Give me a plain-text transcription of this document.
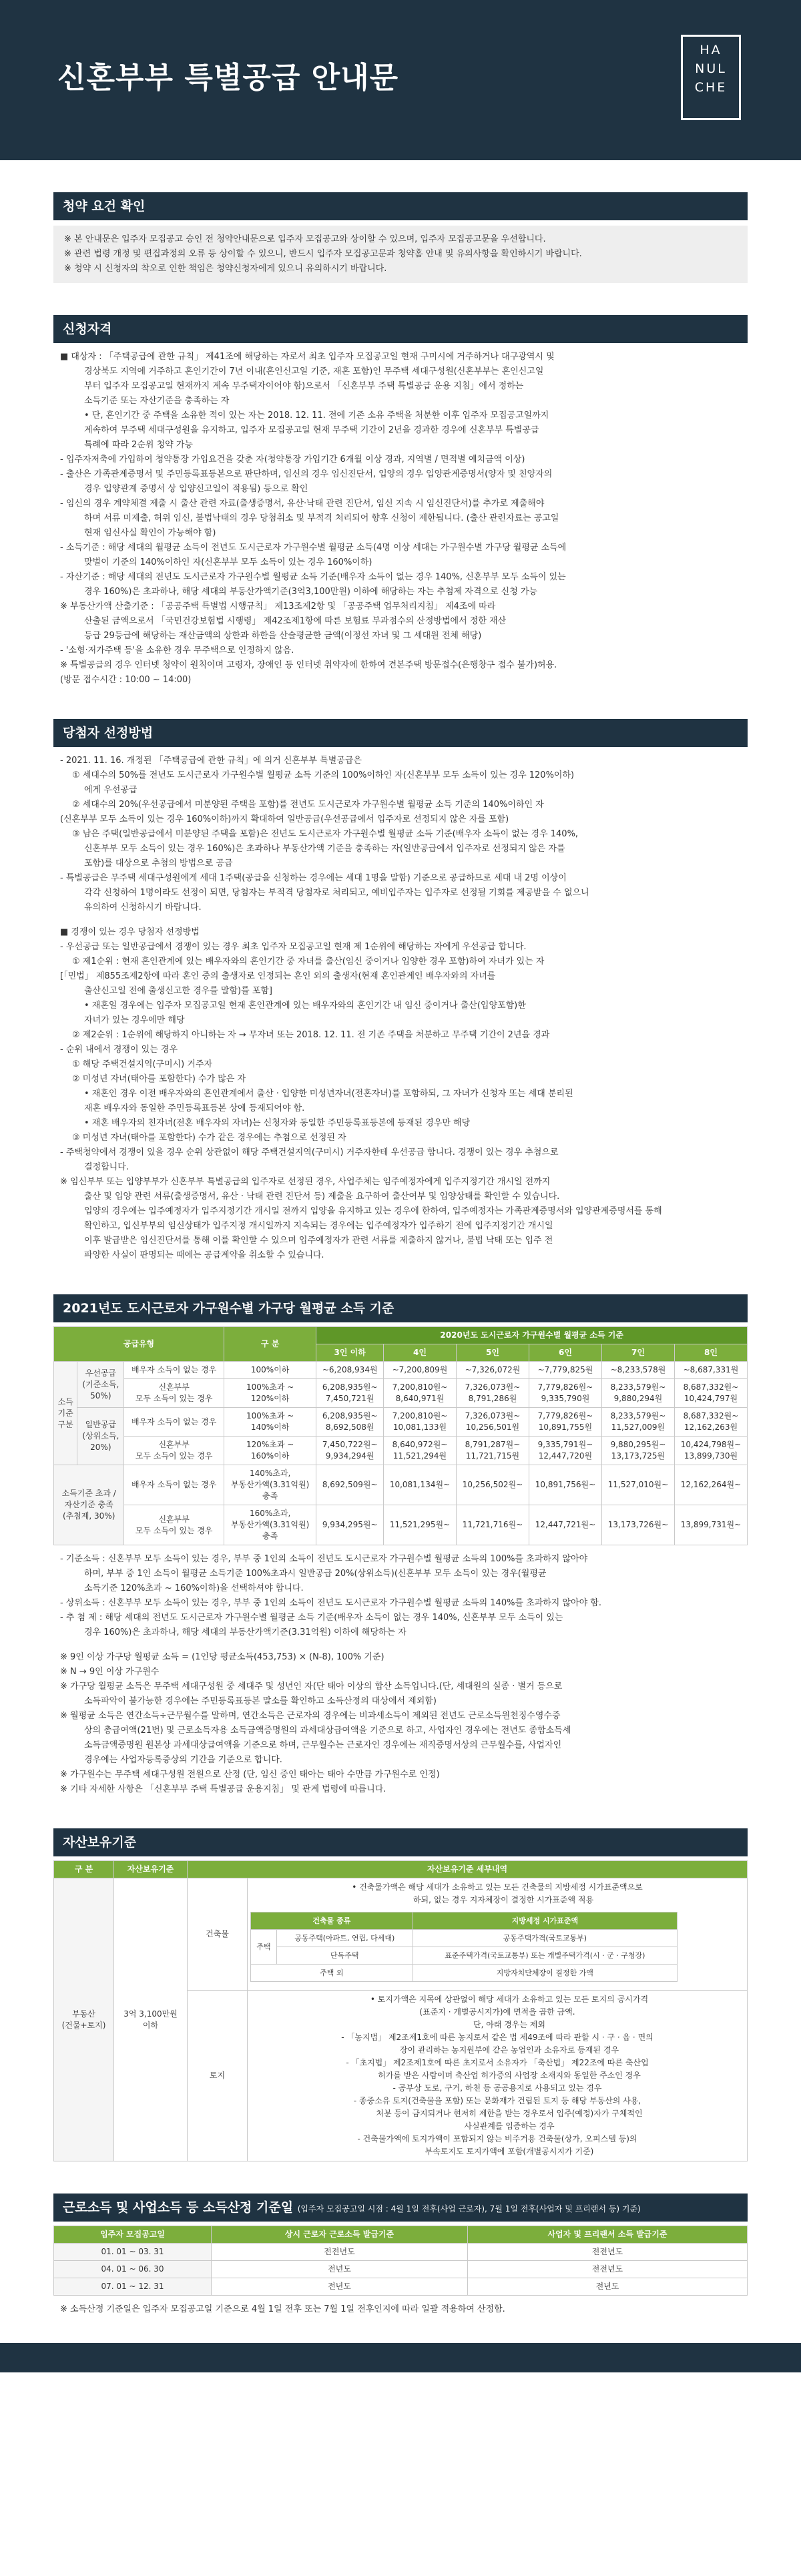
신혼부부 특별공급 안내문
HA
NUL
CHE
청약 요건 확인

※ 본 안내문은 입주자 모집공고 승인 전 청약안내문으로 입주자 모집공고와 상이할 수 있으며, 입주자 모집공고문을 우선합니다.

※ 관련 법령 개정 및 편집과정의 오류 등 상이할 수 있으니, 반드시 입주자 모집공고문과 청약홈 안내 및 유의사항을 확인하시기 바랍니다.

※ 청약 시 신청자의 착오로 인한 책임은 청약신청자에게 있으니 유의하시기 바랍니다.

신청자격

■ 대상자 : 「주택공급에 관한 규칙」 제41조에 해당하는 자로서 최초 입주자 모집공고일 현재 구미시에 거주하거나 대구광역시 및

경상북도 지역에 거주하고 혼인기간이 7년 이내(혼인신고일 기준, 재혼 포함)인 무주택 세대구성원(신혼부부는 혼인신고일

부터 입주자 모집공고일 현재까지 계속 무주택자이어야 함)으로서 「신혼부부 주택 특별공급 운용 지침」에서 정하는

소득기준 또는 자산기준을 충족하는 자

• 단, 혼인기간 중 주택을 소유한 적이 있는 자는 2018. 12. 11. 전에 기존 소유 주택을 처분한 이후 입주자 모집공고일까지

계속하여 무주택 세대구성원을 유지하고, 입주자 모집공고일 현재 무주택 기간이 2년을 경과한 경우에 신혼부부 특별공급

특례에 따라 2순위 청약 가능

- 입주자저축에 가입하여 청약통장 가입요건을 갖춘 자(청약통장 가입기간 6개월 이상 경과, 지역별 / 면적별 예치금액 이상)

- 출산은 가족관계증명서 및 주민등록표등본으로 판단하며, 임신의 경우 임신진단서, 입양의 경우 입양관계증명서(양자 및 친양자의

경우 입양관계 증명서 상 입양신고일이 적용됨) 등으로 확인

- 임신의 경우 계약체결 제출 시 출산 관련 자료(출생증명서, 유산·낙태 관련 진단서, 임신 지속 시 임신진단서)를 추가로 제출해야

하며 서류 미제출, 허위 임신, 불법낙태의 경우 당첨취소 및 부적격 처리되어 향후 신청이 제한됩니다. (출산 관련자료는 공고일

현재 임신사실 확인이 가능해야 함)

- 소득기준 : 해당 세대의 월평균 소득이 전년도 도시근로자 가구원수별 월평균 소득(4명 이상 세대는 가구원수별 가구당 월평균 소득에

맞벌이 기준의 140%이하인 자(신혼부부 모두 소득이 있는 경우 160%이하)

- 자산기준 : 해당 세대의 전년도 도시근로자 가구원수별 월평균 소득 기준(배우자 소득이 없는 경우 140%, 신혼부부 모두 소득이 있는

경우 160%)은 초과하나, 해당 세대의 부동산가액기준(3억3,100만원) 이하에 해당하는 자는 추첨제 자격으로 신청 가능

※ 부동산가액 산출기준 : 「공공주택 특별법 시행규칙」 제13조제2항 및 「공공주택 업무처리지침」 제4조에 따라

산출된 금액으로서 「국민건강보험법 시행령」 제42조제1항에 따른 보험료 부과점수의 산정방법에서 정한 재산

등급 29등급에 해당하는 재산금액의 상한과 하한을 산술평균한 금액(이정선 자녀 및 그 세대원 전체 해당)

- '소형·저가주택 등'을 소유한 경우 무주택으로 인정하지 않음.

※ 특별공급의 경우 인터넷 청약이 원칙이며 고령자, 장애인 등 인터넷 취약자에 한하여 견본주택 방문접수(은행창구 접수 불가)허용.

(방문 접수시간 : 10:00 ~ 14:00)

당첨자 선정방법

- 2021. 11. 16. 개정된 「주택공급에 관한 규칙」에 의거 신혼부부 특별공급은

① 세대수의 50%를 전년도 도시근로자 가구원수별 월평균 소득 기준의 100%이하인 자(신혼부부 모두 소득이 있는 경우 120%이하)

에게 우선공급

② 세대수의 20%(우선공급에서 미분양된 주택을 포함)를 전년도 도시근로자 가구원수별 월평균 소득 기준의 140%이하인 자

(신혼부부 모두 소득이 있는 경우 160%이하)까지 확대하여 일반공급(우선공급에서 입주자로 선정되지 않은 자를 포함)

③ 남은 주택(일반공급에서 미분양된 주택을 포함)은 전년도 도시근로자 가구원수별 월평균 소득 기준(배우자 소득이 없는 경우 140%,

신혼부부 모두 소득이 있는 경우 160%)은 초과하나 부동산가액 기준을 충족하는 자(일반공급에서 입주자로 선정되지 않은 자를

포함)를 대상으로 추첨의 방법으로 공급

- 특별공급은 무주택 세대구성원에게 세대 1주택(공급을 신청하는 경우에는 세대 1명을 말함) 기준으로 공급하므로 세대 내 2명 이상이

각각 신청하여 1명이라도 선정이 되면, 당첨자는 부적격 당첨자로 처리되고, 예비입주자는 입주자로 선정될 기회를 제공받을 수 없으니

유의하여 신청하시기 바랍니다.

■ 경쟁이 있는 경우 당첨자 선정방법

- 우선공급 또는 일반공급에서 경쟁이 있는 경우 최초 입주자 모집공고일 현재 제 1순위에 해당하는 자에게 우선공급 합니다.

① 제1순위 : 현재 혼인관계에 있는 배우자와의 혼인기간 중 자녀를 출산(임신 중이거나 입양한 경우 포함)하여 자녀가 있는 자

[「민법」 제855조제2항에 따라 혼인 중의 출생자로 인정되는 혼인 외의 출생자(현재 혼인관계인 배우자와의 자녀를

출산신고일 전에 출생신고한 경우를 말함)를 포함]

• 재혼일 경우에는 입주자 모집공고일 현재 혼인관계에 있는 배우자와의 혼인기간 내 임신 중이거나 출산(입양포함)한

자녀가 있는 경우에만 해당

② 제2순위 : 1순위에 해당하지 아니하는 자 → 무자녀 또는 2018. 12. 11. 전 기존 주택을 처분하고 무주택 기간이 2년을 경과

- 순위 내에서 경쟁이 있는 경우

① 해당 주택건설지역(구미시) 거주자

② 미성년 자녀(태아를 포함한다) 수가 많은 자

• 재혼인 경우 이전 배우자와의 혼인관계에서 출산 · 입양한 미성년자녀(전혼자녀)를 포함하되, 그 자녀가 신청자 또는 세대 분리된

재혼 배우자와 동일한 주민등록표등본 상에 등재되어야 함.

• 재혼 배우자의 친자녀(전혼 배우자의 자녀)는 신청자와 동일한 주민등록표등본에 등재된 경우만 해당

③ 미성년 자녀(태아를 포함한다) 수가 같은 경우에는 추첨으로 선정된 자

- 주택청약에서 경쟁이 있을 경우 순위 상관없이 해당 주택건설지역(구미시) 거주자한테 우선공급 합니다. 경쟁이 있는 경우 추첨으로

결정합니다.

※ 임신부부 또는 입양부부가 신혼부부 특별공급의 입주자로 선정된 경우, 사업주체는 임주예정자에게 입주지정기간 개시일 전까지

출산 및 입양 관련 서류(출생증명서, 유산 · 낙태 관련 진단서 등) 제출을 요구하여 출산여부 및 입양상태를 확인할 수 있습니다.

입양의 경우에는 입주예정자가 입주지정기간 개시일 전까지 입양을 유지하고 있는 경우에 한하여, 입주예정자는 가족관계증명서와 입양관계증명서를 통해

확인하고, 입신부부의 임신상태가 입주지정 개시일까지 지속되는 경우에는 입주예정자가 입주하기 전에 입주지정기간 개시일

이후 발급받은 임신진단서를 통해 이를 확인할 수 있으며 입주예정자가 관련 서류를 제출하지 않거나, 불법 낙태 또는 입주 전

파양한 사실이 판명되는 때에는 공급계약을 취소할 수 있습니다.

2021년도 도시근로자 가구원수별 가구당 월평균 소득 기준
공급유형			구 분	2020년도 도시근로자 가구원수별 월평균 소득 기준					
				3인 이하	4인	5인	6인	7인	8인
소득
기준
구분	우선공급
(기준소득,
50%)	배우자 소득이 없는 경우	100%이하	~6,208,934원	~7,200,809원	~7,326,072원	~7,779,825원	~8,233,578원	~8,687,331원
		신혼부부
모두 소득이 있는 경우	100%초과 ~
120%이하	6,208,935원~
7,450,721원	7,200,810원~
8,640,971원	7,326,073원~
8,791,286원	7,779,826원~
9,335,790원	8,233,579원~
9,880,294원	8,687,332원~
10,424,797원
	일반공급
(상위소득,
20%)	배우자 소득이 없는 경우	100%초과 ~
140%이하	6,208,935원~
8,692,508원	7,200,810원~
10,081,133원	7,326,073원~
10,256,501원	7,779,826원~
10,891,755원	8,233,579원~
11,527,009원	8,687,332원~
12,162,263원
		신혼부부
모두 소득이 있는 경우	120%초과 ~
160%이하	7,450,722원~
9,934,294원	8,640,972원~
11,521,294원	8,791,287원~
11,721,715원	9,335,791원~
12,447,720원	9,880,295원~
13,173,725원	10,424,798원~
13,899,730원
소득기준 초과 /
자산기준 충족
(추첨제, 30%)		배우자 소득이 없는 경우	140%초과,
부동산가액(3.31억원)
충족	8,692,509원~	10,081,134원~	10,256,502원~	10,891,756원~	11,527,010원~	12,162,264원~
		신혼부부
모두 소득이 있는 경우	160%초과,
부동산가액(3.31억원)
충족	9,934,295원~	11,521,295원~	11,721,716원~	12,447,721원~	13,173,726원~	13,899,731원~

- 기준소득 : 신혼부부 모두 소득이 있는 경우, 부부 중 1인의 소득이 전년도 도시근로자 가구원수별 월평균 소득의 100%를 초과하지 않아야

하며, 부부 중 1인 소득이 월평균 소득기준 100%초과시 일반공급 20%(상위소득)(신혼부부 모두 소득이 있는 경우(월평균

소득기준 120%초과 ~ 160%이하)을 선택하셔야 합니다.

- 상위소득 : 신혼부부 모두 소득이 있는 경우, 부부 중 1인의 소득이 전년도 도시근로자 가구원수별 월평균 소득의 140%를 초과하지 않아야 함.

- 추 첨 제 : 해당 세대의 전년도 도시근로자 가구원수별 월평균 소득 기준(배우자 소득이 없는 경우 140%, 신혼부부 모두 소득이 있는

경우 160%)은 초과하나, 해당 세대의 부동산가액기준(3.31억원) 이하에 해당하는 자

※ 9인 이상 가구당 월평균 소득 = (1인당 평균소득(453,753) × (N-8), 100% 기준)

※ N → 9인 이상 가구원수

※ 가구당 월평균 소득은 무주택 세대구성원 중 세대주 및 성년인 자(단 태아 이상의 합산 소득입니다.(단, 세대원의 실종 · 별거 등으로

소득파악이 불가능한 경우에는 주민등록표등본 말소를 확인하고 소득산정의 대상에서 제외함)

※ 월평균 소득은 연간소득÷근무월수를 말하며, 연간소득은 근로자의 경우에는 비과세소득이 제외된 전년도 근로소득원천징수영수증

상의 총급여액(21번) 및 근로소득자용 소득금액증명원의 과세대상급여액을 기준으로 하고, 사업자인 경우에는 전년도 종합소득세

소득금액증명원 원본상 과세대상급여액을 기준으로 하며, 근무월수는 근로자인 경우에는 재직증명서상의 근무월수를, 사업자인

경우에는 사업자등록증상의 기간을 기준으로 합니다.

※ 가구원수는 무주택 세대구성원 전원으로 산정 (단, 임신 중인 태아는 태아 수만큼 가구원수로 인정)

※ 기타 자세한 사항은 「신혼부부 주택 특별공급 운용지침」 및 관계 법령에 따릅니다.

자산보유기준
구 분	자산보유기준	자산보유기준 세부내역
부동산
(건물+토지)	3억 3,100만원
이하	건축물	

• 건축물가액은 해당 세대가 소유하고 있는 모든 건축물의 지방세정 시가표준액으로

하되, 없는 경우 지자체장이 결정한 시가표준액 적용

건축물 종류	지방세정 시가표준액
주택	공동주택(아파트, 연립, 다세대)	공동주택가격(국토교통부)
단독주택	표준주택가격(국토교통부) 또는 개별주택가격(시 · 군 · 구청장)
주택 외	지방자치단체장이 결정한 가액

토지	

• 토지가액은 지목에 상관없이 해당 세대가 소유하고 있는 모든 토지의 공시가격

(표준지 · 개별공시지가)에 면적을 곱한 금액.

단, 아래 경우는 제외

- 「농지법」 제2조제1호에 따른 농지로서 같은 법 제49조에 따라 관할 시 · 구 · 읍 · 면의

장이 관리하는 농지원부에 같은 농업인과 소유자로 등재된 경우

- 「초지법」 제2조제1호에 따른 초지로서 소유자가 「축산법」 제22조에 따른 축산업

허가를 받은 사람이며 축산업 허가증의 사업장 소재지와 동일한 주소인 경우

- 공부상 도로, 구거, 하천 등 공공용지로 사용되고 있는 경우

- 종중소유 토지(건축물을 포함) 또는 문화재가 건립된 토지 등 해당 부동산의 사용,

처분 등이 금지되거나 현저히 제한을 받는 경우로서 입주(예정)자가 구체적인

사실관계를 입증하는 경우

- 건축물가액에 토지가액이 포함되지 않는 비주거용 건축물(상가, 오피스텔 등)의

부속토지도 토지가액에 포함(개별공시지가 기준)

근로소득 및 사업소득 등 소득산정 기준일 (입주자 모집공고일 시점 : 4월 1일 전후(사업 근로자), 7월 1일 전후(사업자 및 프리랜서 등) 기준)
입주자 모집공고일	상시 근로자 근로소득 발급기준	사업자 및 프리랜서 소득 발급기준
01. 01 ~ 03. 31	전전년도	전전년도
04. 01 ~ 06. 30	전년도	전전년도
07. 01 ~ 12. 31	전년도	전년도

※ 소득산정 기준일은 입주자 모집공고일 기준으로 4월 1일 전후 또는 7월 1일 전후인지에 따라 일괄 적용하여 산정함.
